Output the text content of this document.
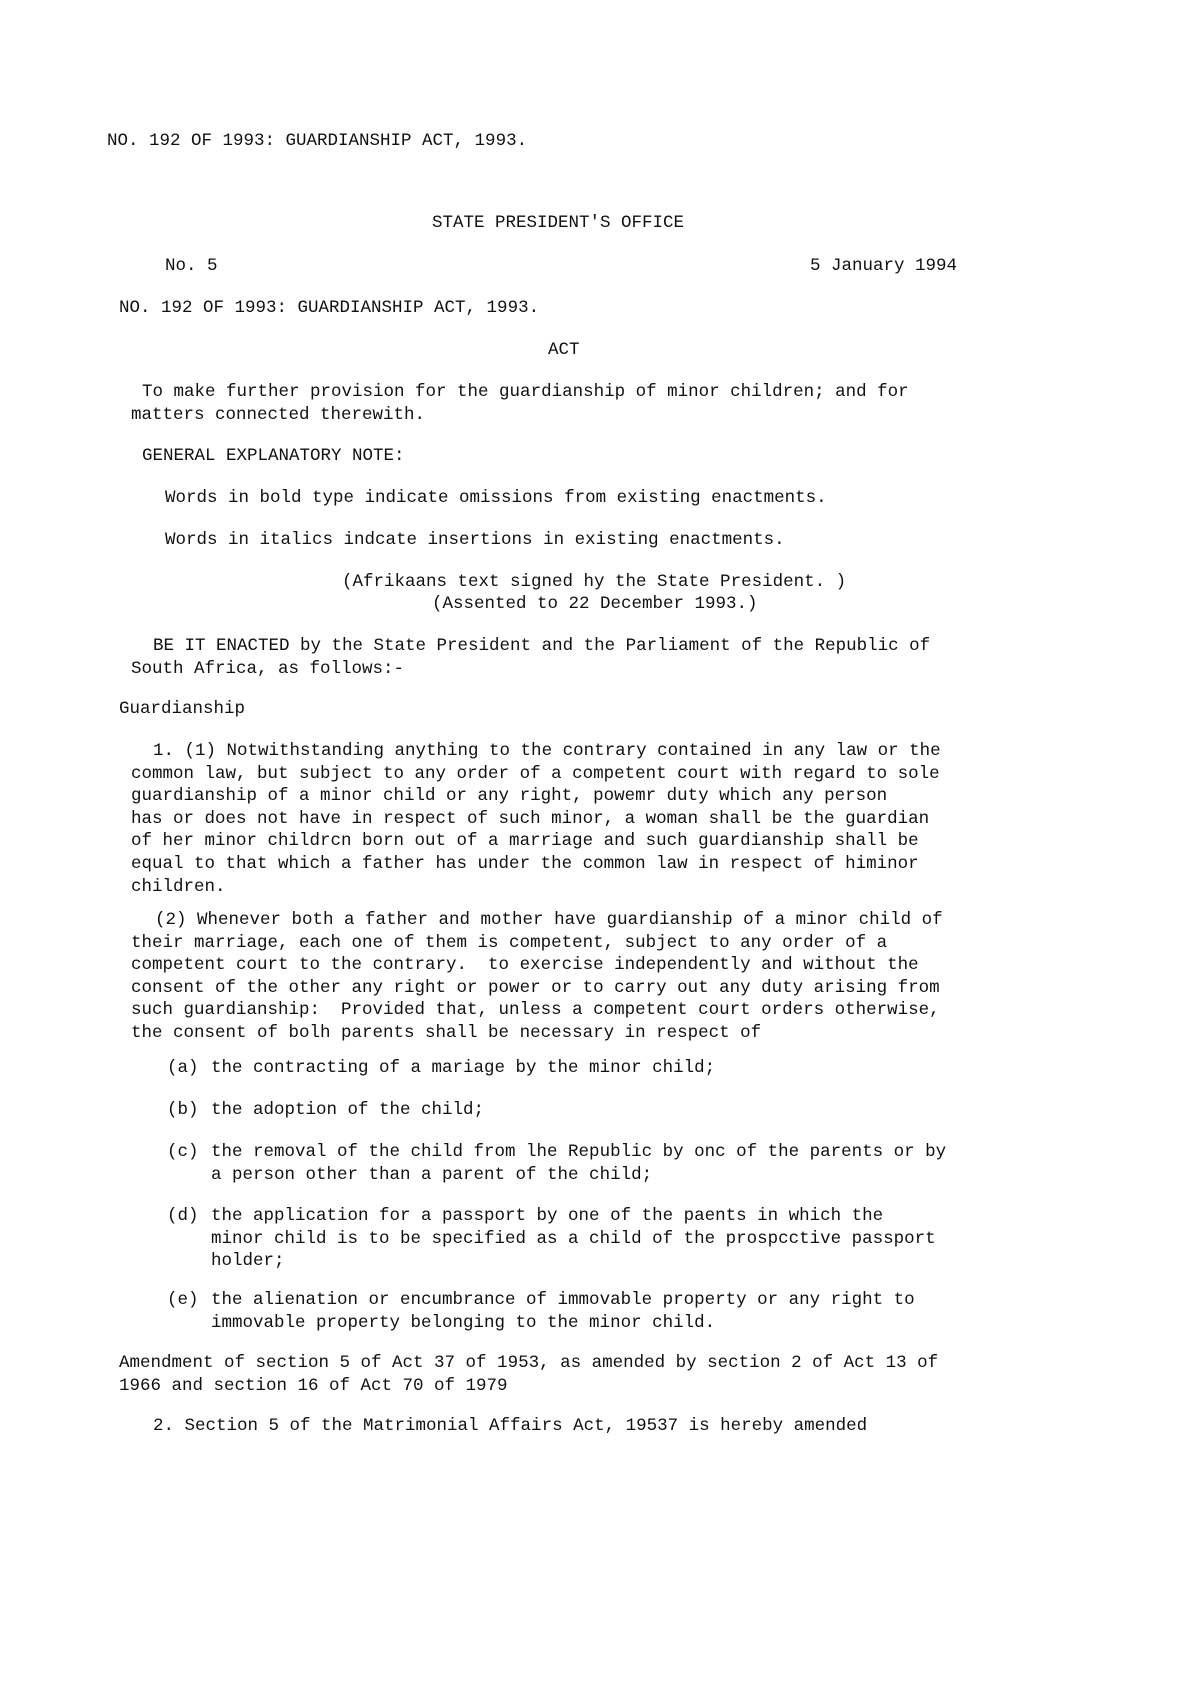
NO. 192 OF 1993: GUARDIANSHIP ACT, 1993.

STATE PRESIDENT'S OFFICE

No. 5	5 January 1994

NO. 192 OF 1993: GUARDIANSHIP ACT, 1993.

ACT

To make further provision for the guardianship of minor children; and for
matters connected therewith.

GENERAL EXPLANATORY NOTE:

Words in bold type indicate omissions from existing enactments.

Words in italics indcate insertions in existing enactments.

(Afrikaans text signed hy the State President. )

(Assented to 22 December 1993.)

BE IT ENACTED by the State President and the Parliament of the Republic of
South Africa, as follows:-

Guardianship

1. (1) Notwithstanding anything to the contrary contained in any law or the
common law, but subject to any order of a competent court with regard to sole
guardianship of a minor child or any right, powemr duty which any person
has or does not have in respect of such minor, a woman shall be the guardian
of her minor childrcn born out of a marriage and such guardianship shall be
equal to that which a father has under the common law in respect of himinor
children.

(2) Whenever both a father and mother have guardianship of a minor child of
their marriage, each one of them is competent, subject to any order of a
competent court to the contrary.  to exercise independently and without the
consent of the other any right or power or to carry out any duty arising from
such guardianship:  Provided that, unless a competent court orders otherwise,
the consent of bolh parents shall be necessary in respect of

(a) the contracting of a mariage by the minor child;

(b) the adoption of the child;

(c) the removal of the child from lhe Republic by onc of the parents or by
a person other than a parent of the child;

(d) the application for a passport by one of the paents in which the
minor child is to be specified as a child of the prospcctive passport
holder;

(e) the alienation or encumbrance of immovable property or any right to
immovable property belonging to the minor child.

Amendment of section 5 of Act 37 of 1953, as amended by section 2 of Act 13 of
1966 and section 16 of Act 70 of 1979

2. Section 5 of the Matrimonial Affairs Act, 19537 is hereby amended
